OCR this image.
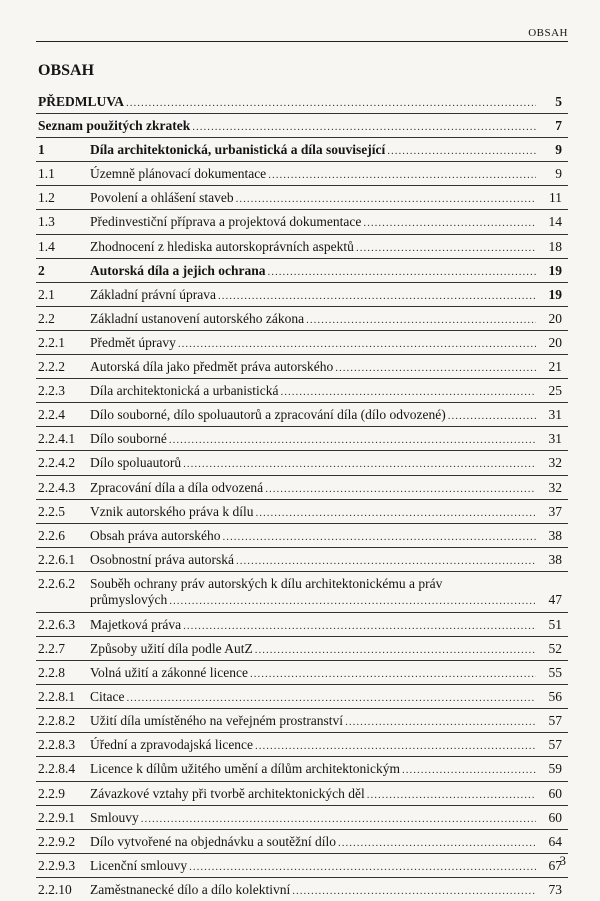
OBSAH
OBSAH
PŘEDMLUVA .....	5
Seznam použitých zkratek .....	7
1	Díla architektonická, urbanistická a díla související .....	9
1.1	Územně plánovací dokumentace .....	9
1.2	Povolení a ohlášení staveb .....	11
1.3	Předinvestiční příprava a projektová dokumentace .....	14
1.4	Zhodnocení z hlediska autorskoprávních aspektů .....	18
2	Autorská díla a jejich ochrana .....	19
2.1	Základní právní úprava .....	19
2.2	Základní ustanovení autorského zákona .....	20
2.2.1 Předmět úpravy .....	20
2.2.2 Autorská díla jako předmět práva autorského .....	21
2.2.3 Díla architektonická a urbanistická .....	25
2.2.4 Dílo souborné, dílo spoluautorů a zpracování díla (dílo odvozené) .....	31
2.2.4.1 Dílo souborné .....	31
2.2.4.2 Dílo spoluautorů .....	32
2.2.4.3 Zpracování díla a díla odvozená .....	32
2.2.5 Vznik autorského práva k dílu .....	37
2.2.6 Obsah práva autorského .....	38
2.2.6.1 Osobnostní práva autorská .....	38
2.2.6.2 Souběh ochrany práv autorských k dílu architektonickému a práv
průmyslových .....	47
2.2.6.3 Majetková práva .....	51
2.2.7 Způsoby užití díla podle AutZ .....	52
2.2.8 Volná užití a zákonné licence .....	55
2.2.8.1 Citace .....	56
2.2.8.2 Užití díla umístěného na veřejném prostranství .....	57
2.2.8.3 Úřední a zpravodajská licence .....	57
2.2.8.4 Licence k dílům užitého umění a dílům architektonickým .....	59
2.2.9 Závazkové vztahy při tvorbě architektonických děl .....	60
2.2.9.1 Smlouvy .....	60
2.2.9.2 Dílo vytvořené na objednávku a soutěžní dílo .....	64
2.2.9.3 Licenční smlouvy .....	67
2.2.10 Zaměstnanecké dílo a dílo kolektivní .....	73
3
